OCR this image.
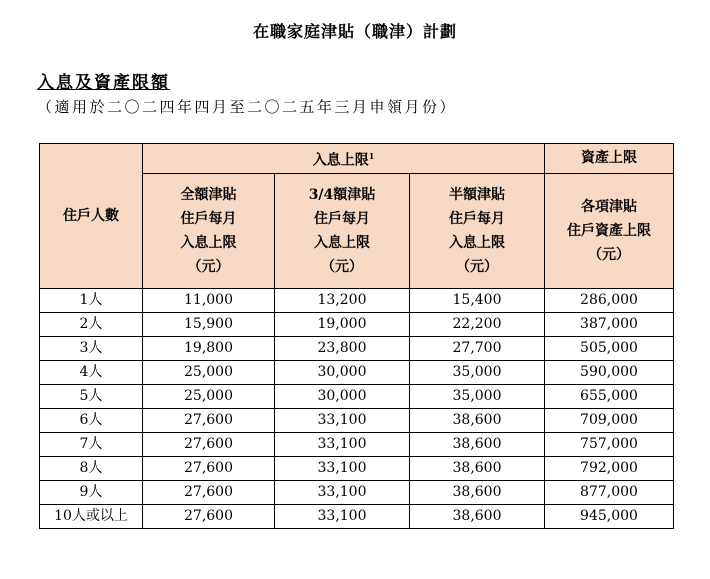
在職家庭津貼（職津）計劃
入息及資產限額
（適用於二〇二四年四月至二〇二五年三月申領月份）
住戶人數	入息上限$^1$			資產上限

	全額津貼
住戶每月
入息上限
（元）	3/4額津貼
住戶每月
入息上限
（元）	半額津貼
住戶每月
入息上限
（元）	各項津貼
住戶資產上限
（元）

1人	11,000	13,200	15,400	286,000
2人	15,900	19,000	22,200	387,000
3人	19,800	23,800	27,700	505,000
4人	25,000	30,000	35,000	590,000
5人	25,000	30,000	35,000	655,000
6人	27,600	33,100	38,600	709,000
7人	27,600	33,100	38,600	757,000
8人	27,600	33,100	38,600	792,000
9人	27,600	33,100	38,600	877,000
10人或以上	27,600	33,100	38,600	945,000
